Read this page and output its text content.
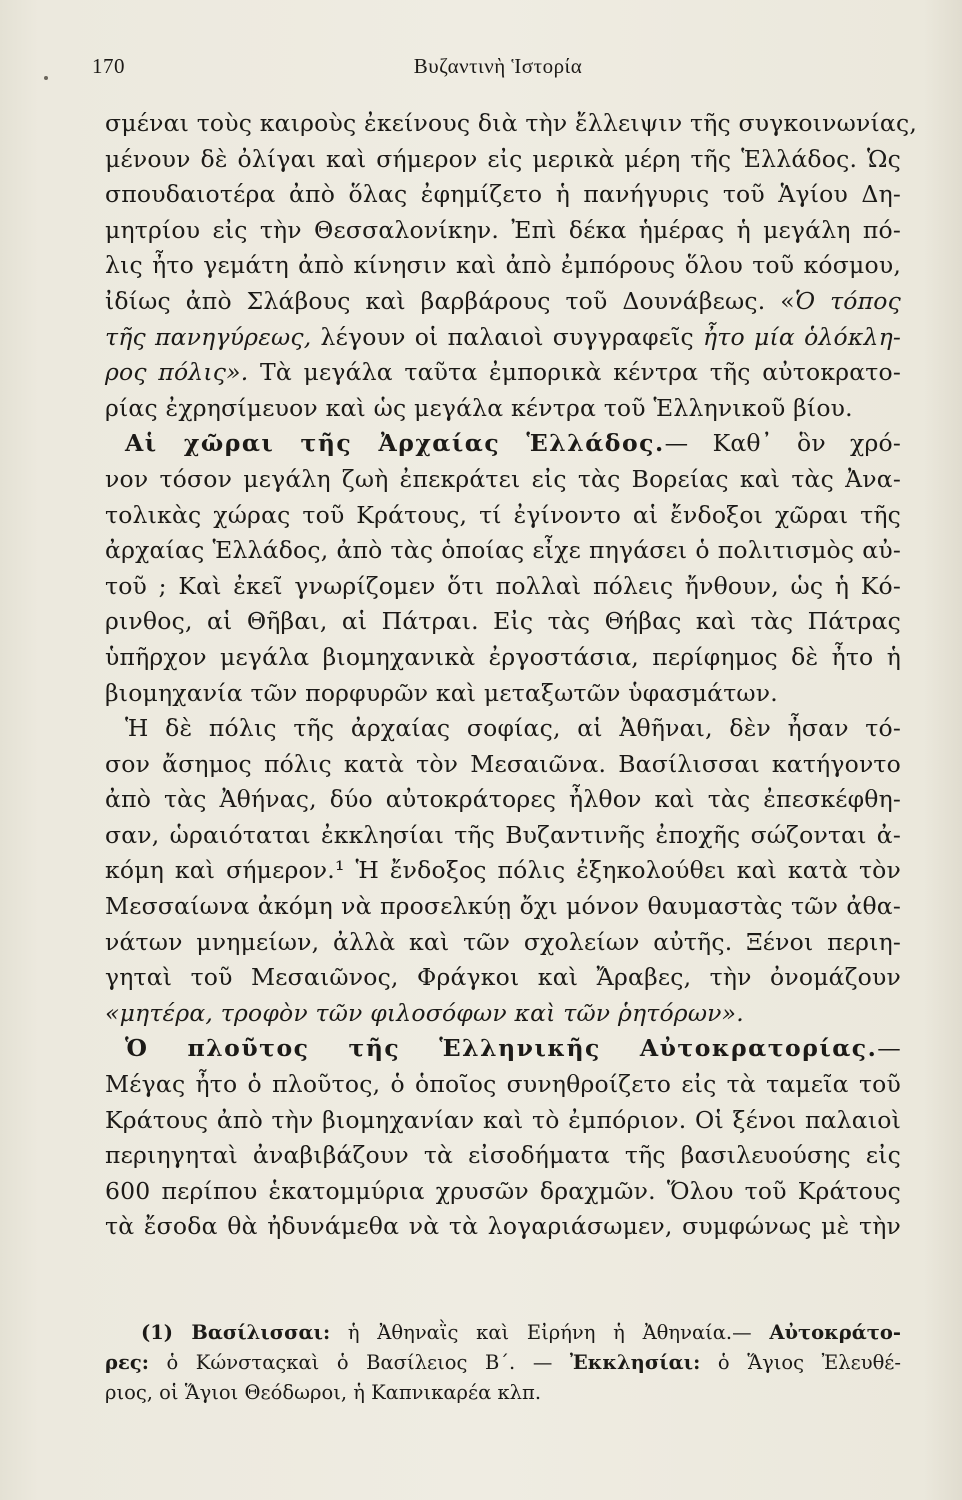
170	Βυζαντινὴ Ἱστορία
σμέναι τοὺς καιροὺς ἐκείνους διὰ τὴν ἔλλειψιν τῆς συγκοινωνίας,
μένουν δὲ ὀλίγαι καὶ σήμερον εἰς μερικὰ μέρη τῆς Ἑλλάδος. Ὡς
σπουδαιοτέρα ἀπὸ ὅλας ἐφημίζετο ἡ πανήγυρις τοῦ Ἁγίου Δη-
μητρίου εἰς τὴν Θεσσαλονίκην. Ἐπὶ δέκα ἡμέρας ἡ μεγάλη πό-
λις ἦτο γεμάτη ἀπὸ κίνησιν καὶ ἀπὸ ἐμπόρους ὅλου τοῦ κόσμου,
ἰδίως ἀπὸ Σλάβους καὶ βαρβάρους τοῦ Δουνάβεως. «Ὁ τόπος
τῆς πανηγύρεως, λέγουν οἱ παλαιοὶ συγγραφεῖς ἦτο μία ὁλόκλη-
ρος πόλις». Τὰ μεγάλα ταῦτα ἐμπορικὰ κέντρα τῆς αὐτοκρατο-
ρίας ἐχρησίμευον καὶ ὡς μεγάλα κέντρα τοῦ Ἑλληνικοῦ βίου.
Αἱ χῶραι τῆς Ἀρχαίας Ἑλλάδος.— Καθ᾿ ὃν χρό-
νον τόσον μεγάλη ζωὴ ἐπεκράτει εἰς τὰς Βορείας καὶ τὰς Ἀνα-
τολικὰς χώρας τοῦ Κράτους, τί ἐγίνοντο αἱ ἔνδοξοι χῶραι τῆς
ἀρχαίας Ἑλλάδος, ἀπὸ τὰς ὁποίας εἶχε πηγάσει ὁ πολιτισμὸς αὐ-
τοῦ ; Καὶ ἐκεῖ γνωρίζομεν ὅτι πολλαὶ πόλεις ἤνθουν, ὡς ἡ Κό-
ρινθος, αἱ Θῆβαι, αἱ Πάτραι. Εἰς τὰς Θήβας καὶ τὰς Πάτρας
ὑπῆρχον μεγάλα βιομηχανικὰ ἐργοστάσια, περίφημος δὲ ἦτο ἡ
βιομηχανία τῶν πορφυρῶν καὶ μεταξωτῶν ὑφασμάτων.
Ἡ δὲ πόλις τῆς ἀρχαίας σοφίας, αἱ Ἀθῆναι, δὲν ἦσαν τό-
σον ἄσημος πόλις κατὰ τὸν Μεσαιῶνα. Βασίλισσαι κατήγοντο
ἀπὸ τὰς Ἀθήνας, δύο αὐτοκράτορες ἦλθον καὶ τὰς ἐπεσκέφθη-
σαν, ὡραιόταται ἐκκλησίαι τῆς Βυζαντινῆς ἐποχῆς σώζονται ἀ-
κόμη καὶ σήμερον.¹ Ἡ ἔνδοξος πόλις ἐξηκολούθει καὶ κατὰ τὸν
Μεσσαίωνα ἀκόμη νὰ προσελκύῃ ὄχι μόνον θαυμαστὰς τῶν ἀθα-
νάτων μνημείων, ἀλλὰ καὶ τῶν σχολείων αὐτῆς. Ξένοι περιη-
γηταὶ τοῦ Μεσαιῶνος, Φράγκοι καὶ Ἄραβες, τὴν ὀνομάζουν
«μητέρα, τροφὸν τῶν φιλοσόφων καὶ τῶν ῥητόρων».
Ὁ πλοῦτος τῆς Ἑλληνικῆς Αὐτοκρατορίας.—
Μέγας ἦτο ὁ πλοῦτος, ὁ ὁποῖος συνηθροίζετο εἰς τὰ ταμεῖα τοῦ
Κράτους ἀπὸ τὴν βιομηχανίαν καὶ τὸ ἐμπόριον. Οἱ ξένοι παλαιοὶ
περιηγηταὶ ἀναβιβάζουν τὰ εἰσοδήματα τῆς βασιλευούσης εἰς
600 περίπου ἑκατομμύρια χρυσῶν δραχμῶν. Ὅλου τοῦ Κράτους
τὰ ἔσοδα θὰ ἠδυνάμεθα νὰ τὰ λογαριάσωμεν, συμφώνως μὲ τὴν
(1) Βασίλισσαι: ἡ Ἀθηναῒς καὶ Εἰρήνη ἡ Ἀθηναία.— Αὐτοκράτο-
ρες: ὁ Κώνσταςκαὶ ὁ Βασίλειος Β΄. — Ἐκκλησίαι: ὁ Ἅγιος Ἐλευθέ-
ριος, οἱ Ἅγιοι Θεόδωροι, ἡ Καπνικαρέα κλπ.
